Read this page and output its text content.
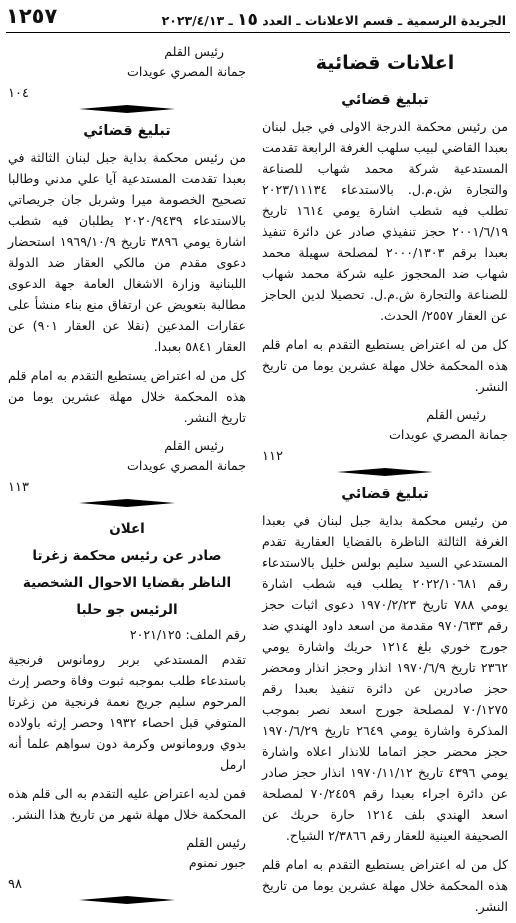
الجريدة الرسمية ـ قسم الاعلانات ـ العدد ١٥ ـ ٢٠٢٣/٤/١٣
١٢٥٧
اعلانات قضائية
تبليغ قضائي

من رئيس محكمة الدرجة الاولى في جبل لبنان بعبدا القاضي لبيب سلهب الغرفة الرابعة تقدمت المستدعية شركة محمد شهاب للصناعة والتجارة ش.م.ل. بالاستدعاء ٢٠٢٣/١١١٣٤ تطلب فيه شطب اشارة يومي ١٦١٤ تاريخ ٢٠٠١/٦/١٩ حجز تنفيذي صادر عن دائرة تنفيذ بعبدا برقم ٢٠٠٠/١٣٠٣ لمصلحة سهيلة محمد شهاب ضد المحجوز عليه شركة محمد شهاب للصناعة والتجارة ش.م.ل. تحصيلا لدين الحاجز عن العقار ٢٥٥٧/ الحدث.

كل من له اعتراض يستطيع التقدم به امام قلم هذه المحكمة خلال مهلة عشرين يوما من تاريخ النشر.

رئيس القلم
جمانة المصري عويدات
١١٢
تبليغ قضائي

من رئيس محكمة بداية جبل لبنان في بعبدا الغرفة الثالثة الناظرة بالقضايا العقارية تقدم المستدعي السيد سليم بولس خليل بالاستدعاء رقم ٢٠٢٢/١٠٦٨١ يطلب فيه شطب اشارة يومي ٧٨٨ تاريخ ١٩٧٠/٢/٢٣ دعوى اثبات حجز رقم ٩٧٠/٦٣٣ مقدمة من اسعد داود الهندي ضد جورج خوري بلغ ١٢١٤ حريك واشارة يومي ٢٣٦٢ تاريخ ١٩٧٠/٦/٩ انذار وحجز انذار ومحضر حجز صادرين عن دائرة تنفيذ بعبدا رقم ٧٠/١٢٧٥ لمصلحة جورج اسعد نصر بموجب المذكرة واشارة يومي ٢٦٤٩ تاريخ ١٩٧٠/٦/٢٩ حجز محضر حجز اتماما للانذار اعلاه واشارة يومي ٤٣٩٦ تاريخ ١٩٧٠/١١/١٢ انذار حجز صادر عن دائرة اجراء بعبدا رقم ٧٠/٢٤٥٩ لمصلحة اسعد الهندي بلف ١٢١٤ حارة حريك عن الصحيفة العينية للعقار رقم ٢/٣٨٦٦ الشياح.

كل من له اعتراض يستطيع التقدم به امام قلم هذه المحكمة خلال مهلة عشرين يوما من تاريخ النشر.

رئيس القلم
جمانة المصري عويدات
١٠٤
تبليغ قضائي

من رئيس محكمة بداية جبل لبنان الثالثة في بعبدا تقدمت المستدعية آيا علي مدني وطالبا تصحيح الخصومة ميرا وشربل جان جريصاتي بالاستدعاء ٢٠٢٠/٩٤٣٩ يطلبان فيه شطب اشارة يومي ٣٨٩٦ تاريخ ١٩٦٩/١٠/٩ استحضار دعوى مقدم من مالكي العقار ضد الدولة اللبنانية وزارة الاشغال العامة جهة الدعوى مطالبة بتعويض عن ارتفاق منع بناء منشأ على عقارات المدعين (نقلا عن العقار ٩٠١) عن العقار ٥٨٤١ بعبدا.

كل من له اعتراض يستطيع التقدم به امام قلم هذه المحكمة خلال مهلة عشرين يوما من تاريخ النشر.

رئيس القلم
جمانة المصري عويدات
١١٣
اعلان
صادر عن رئيس محكمة زغرتا
الناظر بقضايا الاحوال الشخصية
الرئيس جو حلبا
رقم الملف: ٢٠٢١/١٢٥

تقدم المستدعي بربر رومانوس فرنجية باستدعاء طلب بموجبه ثبوت وفاة وحصر إرث المرحوم سليم جريج نعمة فرنجية من زغرتا المتوفي قبل احصاء ١٩٣٢ وحصر إرثه باولاده بدوي ورومانوس وكرمة دون سواهم علما أنه ارمل

فمن لديه اعتراض عليه التقدم به الى قلم هذه المحكمة خلال مهلة شهر من تاريخ هذا النشر.

رئيس القلم
جبور نمنوم
٩٨
